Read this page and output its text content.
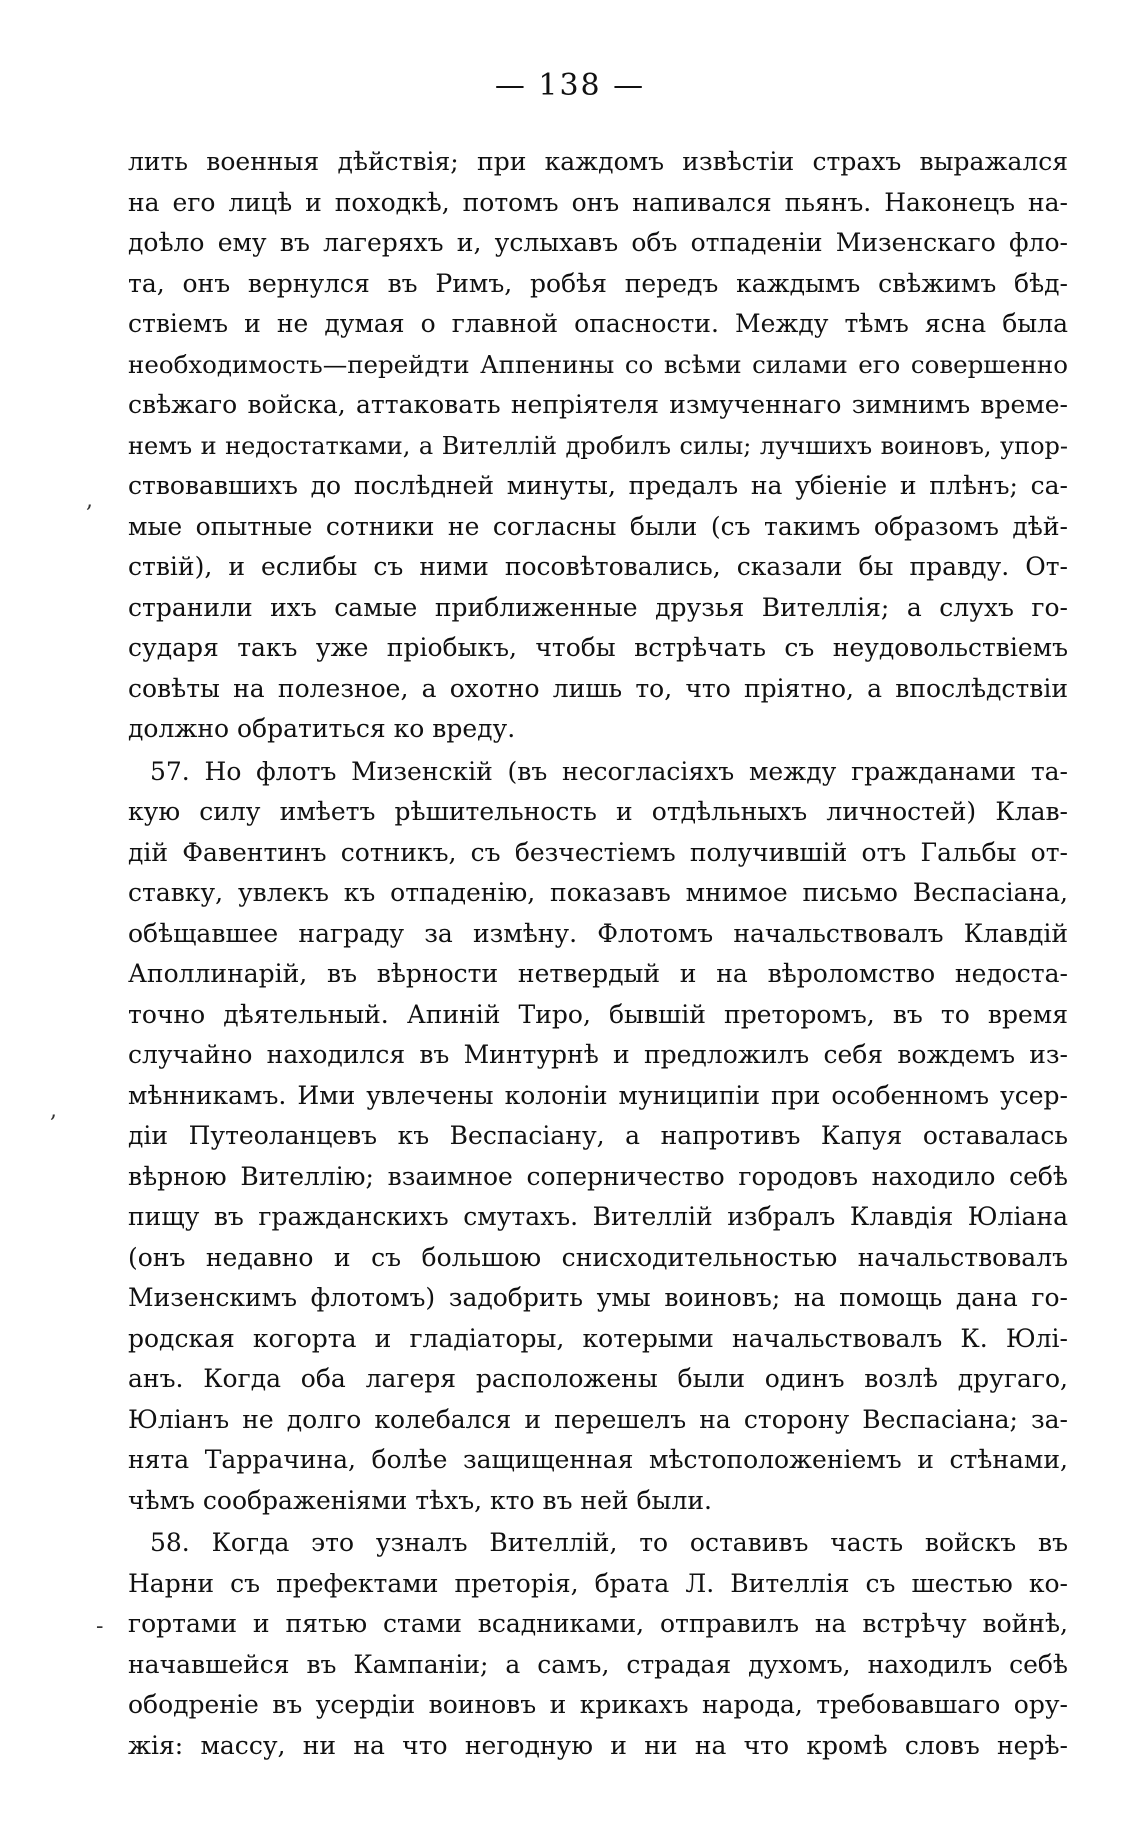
— 138 —
лить военныя дѣйствія; при каждомъ извѣстіи страхъ выражался
на его лицѣ и походкѣ, потомъ онъ напивался пьянъ. Наконецъ на-
доѣло ему въ лагеряхъ и, услыхавъ объ отпаденіи Мизенскаго фло-
та, онъ вернулся въ Римъ, робѣя передъ каждымъ свѣжимъ бѣд-
ствіемъ и не думая о главной опасности. Между тѣмъ ясна была
необходимость—перейдти Аппенины со всѣми силами его совершенно
свѣжаго войска, аттаковать непріятеля измученнаго зимнимъ време-
немъ и недостатками, а Вителлій дробилъ силы; лучшихъ воиновъ, упор-
ствовавшихъ до послѣдней минуты, предалъ на убіеніе и плѣнъ; са-
мые опытные сотники не согласны были (съ такимъ образомъ дѣй-
ствій), и еслибы съ ними посовѣтовались, сказали бы правду. От-
странили ихъ самые приближенные друзья Вителлія; а слухъ го-
сударя такъ уже пріобыкъ, чтобы встрѣчать съ неудовольствіемъ
совѣты на полезное, а охотно лишь то, что пріятно, а впослѣдствіи
должно обратиться ко вреду.
57. Но флотъ Мизенскій (въ несогласіяхъ между гражданами та-
кую силу имѣетъ рѣшительность и отдѣльныхъ личностей) Клав-
дій Фавентинъ сотникъ, съ безчестіемъ получившій отъ Гальбы от-
ставку, увлекъ къ отпаденію, показавъ мнимое письмо Веспасіана,
обѣщавшее награду за измѣну. Флотомъ начальствовалъ Клавдій
Аполлинарій, въ вѣрности нетвердый и на вѣроломство недоста-
точно дѣятельный. Апиній Тиро, бывшій преторомъ, въ то время
случайно находился въ Минтурнѣ и предложилъ себя вождемъ из-
мѣнникамъ. Ими увлечены колоніи муниципіи при особенномъ усер-
діи Путеоланцевъ къ Веспасіану, а напротивъ Капуя оставалась
вѣрною Вителлію; взаимное соперничество городовъ находило себѣ
пищу въ гражданскихъ смутахъ. Вителлій избралъ Клавдія Юліана
(онъ недавно и съ большою снисходительностью начальствовалъ
Мизенскимъ флотомъ) задобрить умы воиновъ; на помощь дана го-
родская когорта и гладіаторы, котерыми начальствовалъ К. Юлі-
анъ. Когда оба лагеря расположены были одинъ возлѣ другаго,
Юліанъ не долго колебался и перешелъ на сторону Веспасіана; за-
нята Таррачина, болѣе защищенная мѣстоположеніемъ и стѣнами,
чѣмъ соображеніями тѣхъ, кто въ ней были.
58. Когда это узналъ Вителлій, то оставивъ часть войскъ въ
Нарни съ префектами преторія, брата Л. Вителлія съ шестью ко-
гортами и пятью стами всадниками, отправилъ на встрѣчу войнѣ,
начавшейся въ Кампаніи; а самъ, страдая духомъ, находилъ себѣ
ободреніе въ усердіи воиновъ и крикахъ народа, требовавшаго ору-
жія: массу, ни на что негодную и ни на что кромѣ словъ нерѣ-
,
,
-
